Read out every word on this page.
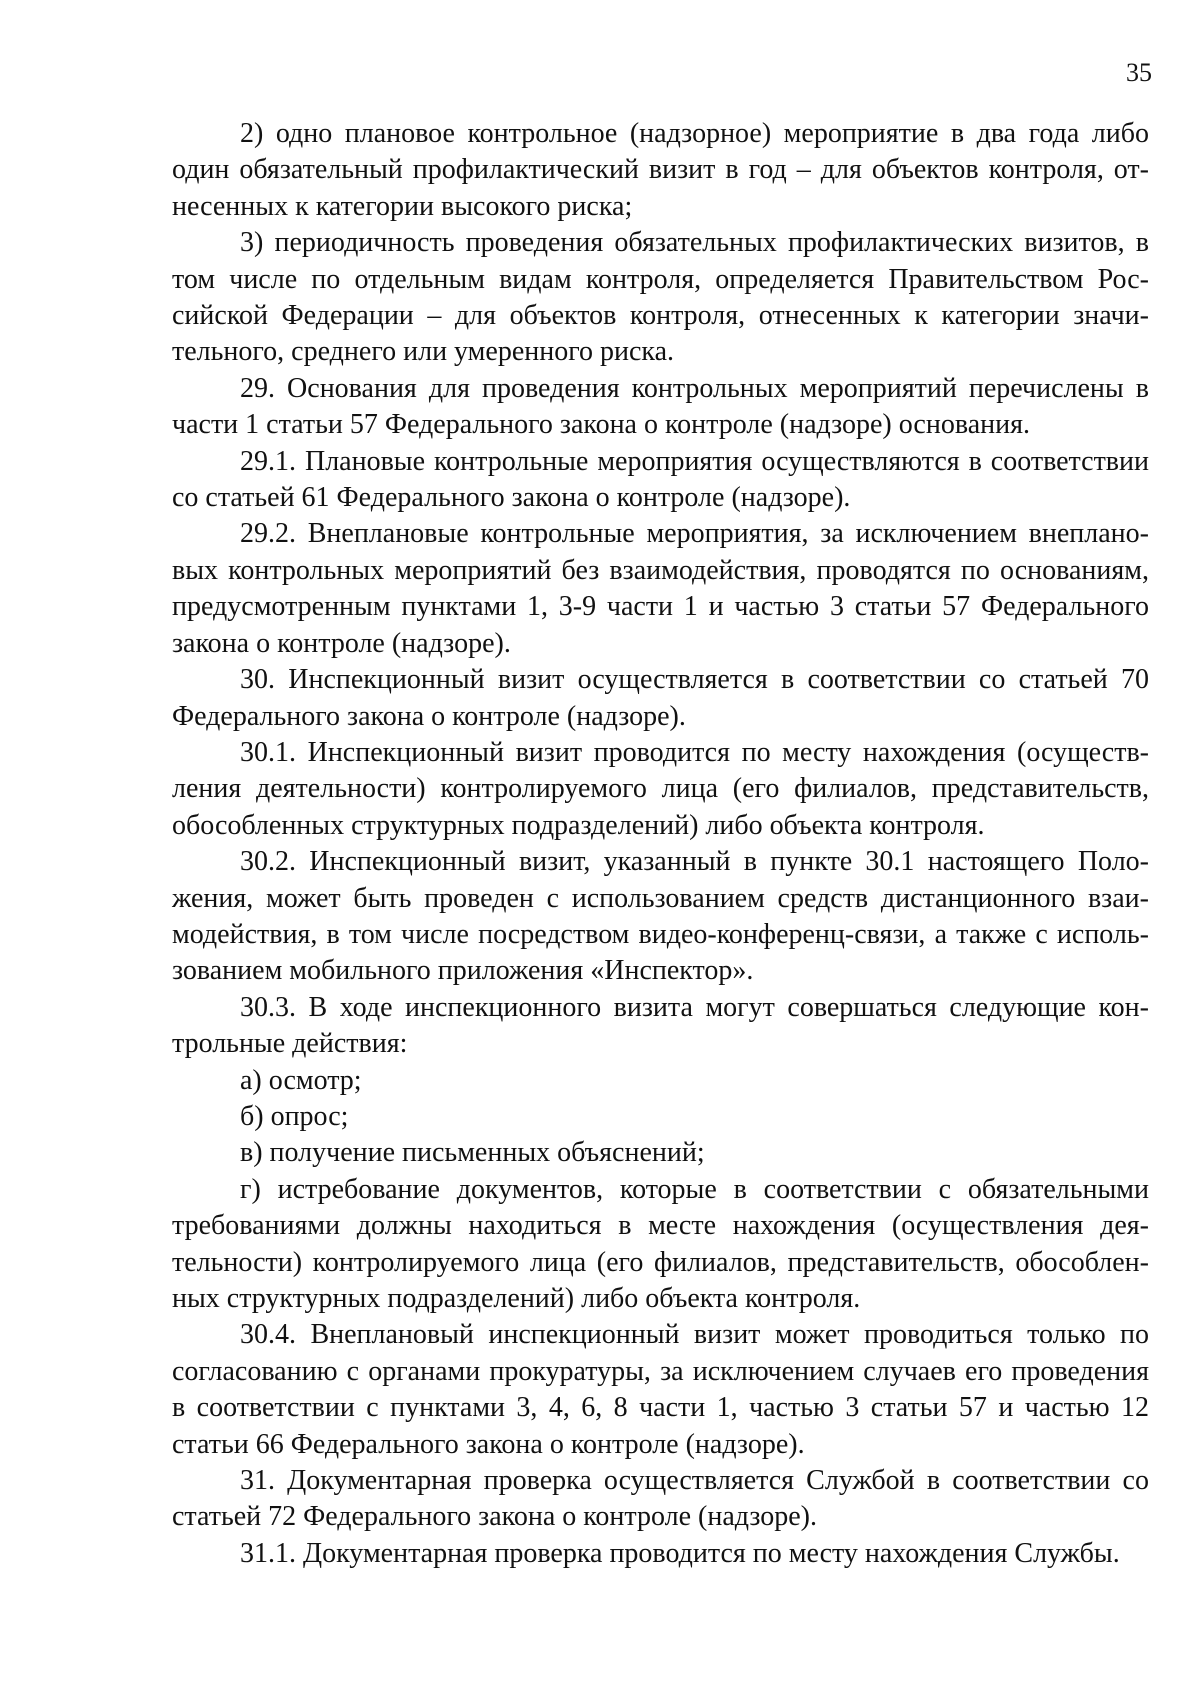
35

2) одно плановое контрольное (надзорное) мероприятие в два года либо один обязательный профилактический визит в год – для объектов контроля, отнесенных к категории высокого риска;

3) периодичность проведения обязательных профилактических визитов, в том числе по отдельным видам контроля, определяется Правительством Российской Федерации – для объектов контроля, отнесенных к категории значительного, среднего или умеренного риска.

29. Основания для проведения контрольных мероприятий перечислены в части 1 статьи 57 Федерального закона о контроле (надзоре) основания.

29.1. Плановые контрольные мероприятия осуществляются в соответствии со статьей 61 Федерального закона о контроле (надзоре).

29.2. Внеплановые контрольные мероприятия, за исключением внеплановых контрольных мероприятий без взаимодействия, проводятся по основаниям, предусмотренным пунктами 1, 3-9 части 1 и частью 3 статьи 57 Федерального закона о контроле (надзоре).

30. Инспекционный визит осуществляется в соответствии со статьей 70 Федерального закона о контроле (надзоре).

30.1. Инспекционный визит проводится по месту нахождения (осуществления деятельности) контролируемого лица (его филиалов, представительств, обособленных структурных подразделений) либо объекта контроля.

30.2. Инспекционный визит, указанный в пункте 30.1 настоящего Положения, может быть проведен с использованием средств дистанционного взаимодействия, в том числе посредством видео-конференц-связи, а также с использованием мобильного приложения «Инспектор».

30.3. В ходе инспекционного визита могут совершаться следующие контрольные действия:

а) осмотр;

б) опрос;

в) получение письменных объяснений;

г) истребование документов, которые в соответствии с обязательными требованиями должны находиться в месте нахождения (осуществления деятельности) контролируемого лица (его филиалов, представительств, обособленных структурных подразделений) либо объекта контроля.

30.4. Внеплановый инспекционный визит может проводиться только по согласованию с органами прокуратуры, за исключением случаев его проведения в соответствии с пунктами 3, 4, 6, 8 части 1, частью 3 статьи 57 и частью 12 статьи 66 Федерального закона о контроле (надзоре).

31. Документарная проверка осуществляется Службой в соответствии со статьей 72 Федерального закона о контроле (надзоре).

31.1. Документарная проверка проводится по месту нахождения Службы.
